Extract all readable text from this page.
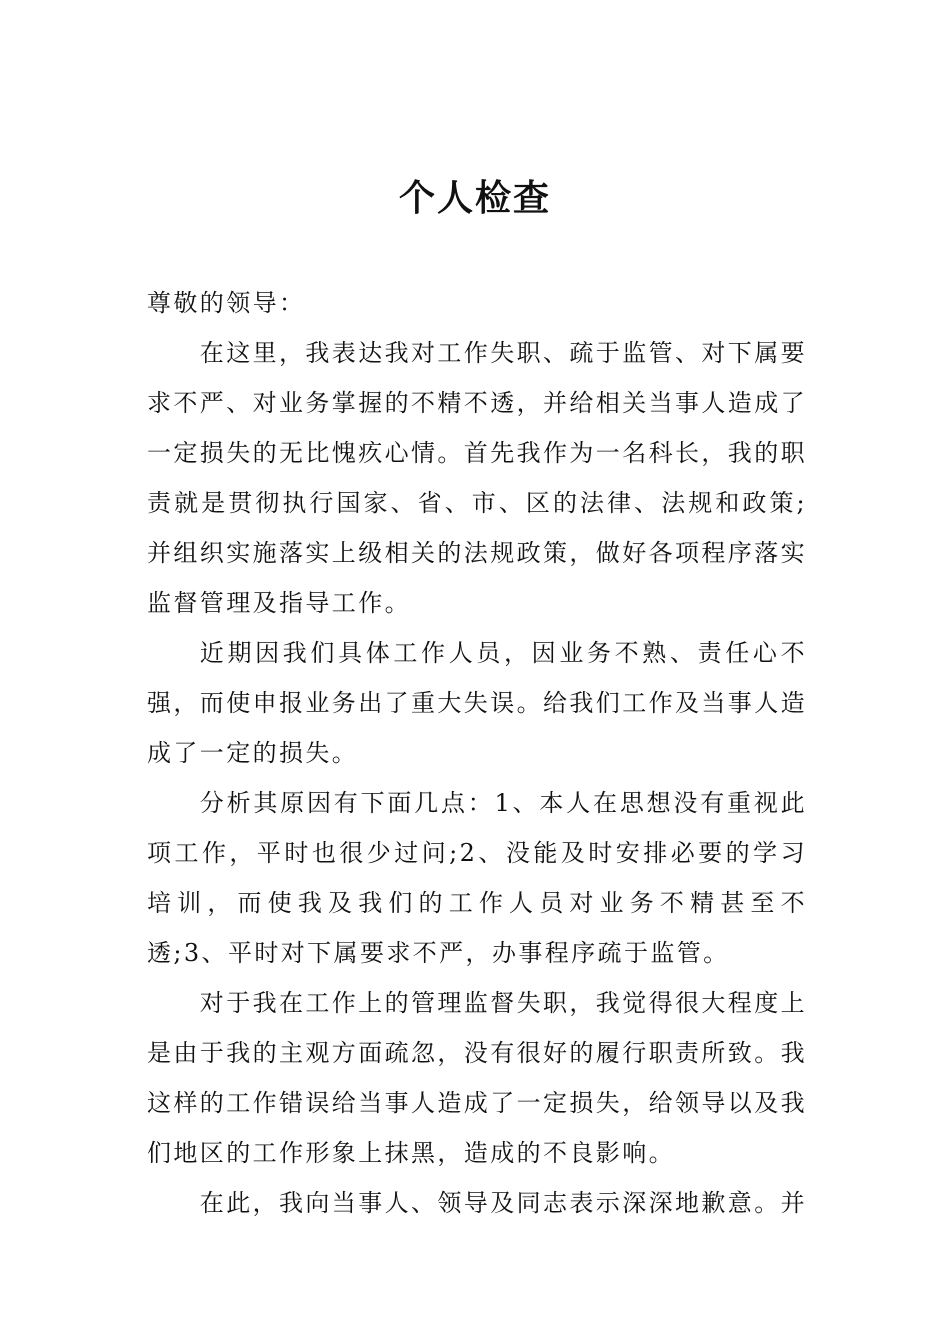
个人检查

尊敬的领导：

在这里，我表达我对工作失职、疏于监管、对下属要求不严、对业务掌握的不精不透，并给相关当事人造成了一定损失的无比愧疚心情。首先我作为一名科长，我的职责就是贯彻执行国家、省、市、区的法律、法规和政策;并组织实施落实上级相关的法规政策，做好各项程序落实监督管理及指导工作。

近期因我们具体工作人员，因业务不熟、责任心不强，而使申报业务出了重大失误。给我们工作及当事人造成了一定的损失。

分析其原因有下面几点：1、本人在思想没有重视此项工作，平时也很少过问;2、没能及时安排必要的学习培训，而使我及我们的工作人员对业务不精甚至不透;3、平时对下属要求不严，办事程序疏于监管。

对于我在工作上的管理监督失职，我觉得很大程度上是由于我的主观方面疏忽，没有很好的履行职责所致。我这样的工作错误给当事人造成了一定损失，给领导以及我们地区的工作形象上抹黑，造成的不良影响。

在此，我向当事人、领导及同志表示深深地歉意。并
